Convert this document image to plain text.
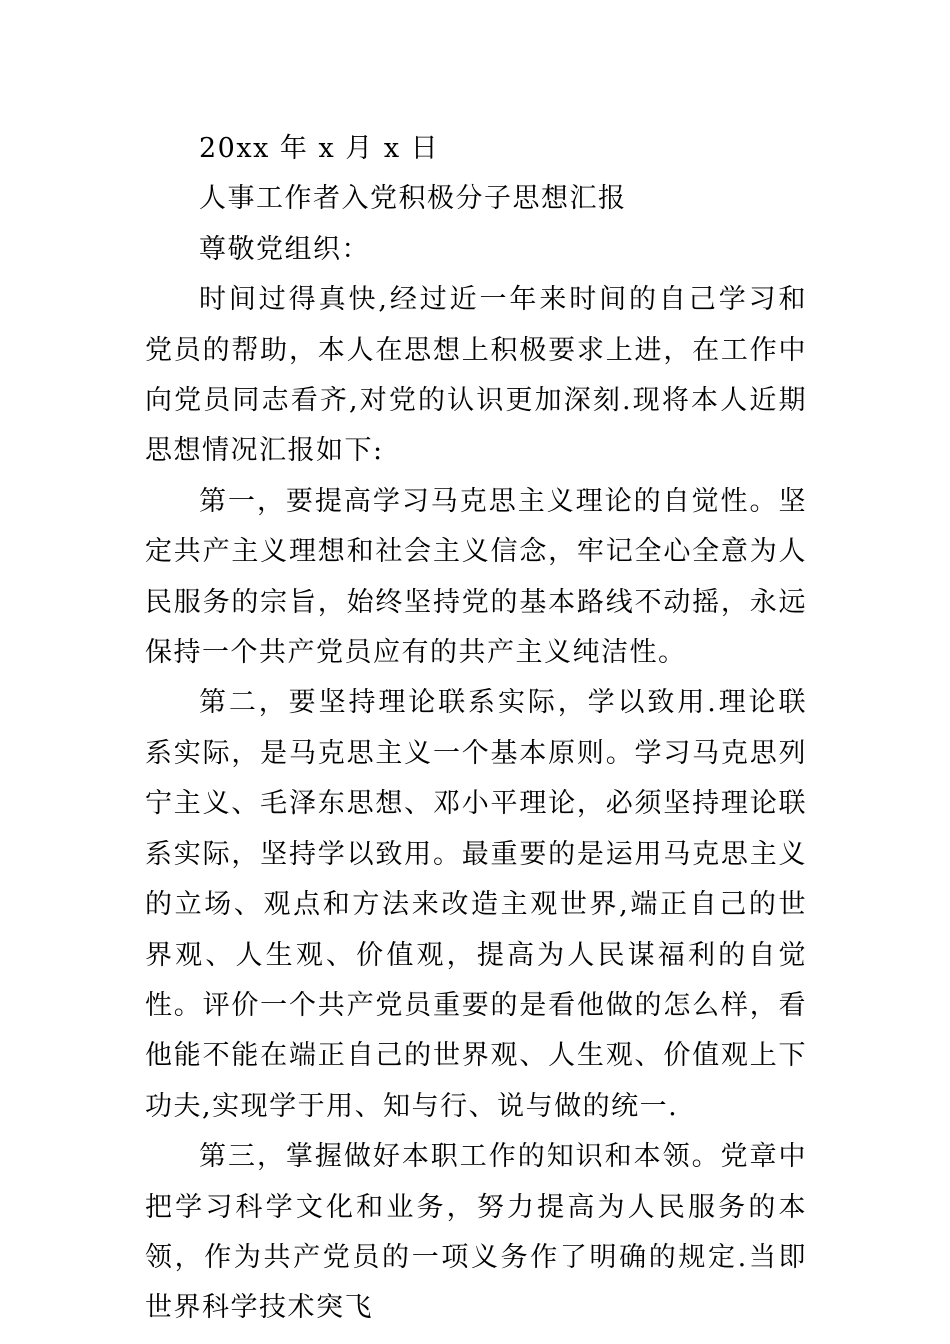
20xx 年 x 月 x 日

人事工作者入党积极分子思想汇报

尊敬党组织：

时间过得真快,经过近一年来时间的自己学习和党员的帮助，本人在思想上积极要求上进，在工作中向党员同志看齐,对党的认识更加深刻.现将本人近期思想情况汇报如下:

第一，要提高学习马克思主义理论的自觉性。坚定共产主义理想和社会主义信念，牢记全心全意为人民服务的宗旨，始终坚持党的基本路线不动摇，永远保持一个共产党员应有的共产主义纯洁性。

第二，要坚持理论联系实际，学以致用.理论联系实际，是马克思主义一个基本原则。学习马克思列宁主义、毛泽东思想、邓小平理论，必须坚持理论联系实际，坚持学以致用。最重要的是运用马克思主义的立场、观点和方法来改造主观世界,端正自己的世界观、人生观、价值观，提高为人民谋福利的自觉性。评价一个共产党员重要的是看他做的怎么样，看他能不能在端正自己的世界观、人生观、价值观上下功夫,实现学于用、知与行、说与做的统一.

第三，掌握做好本职工作的知识和本领。党章中把学习科学文化和业务，努力提高为人民服务的本领，作为共产党员的一项义务作了明确的规定.当即世界科学技术突飞
